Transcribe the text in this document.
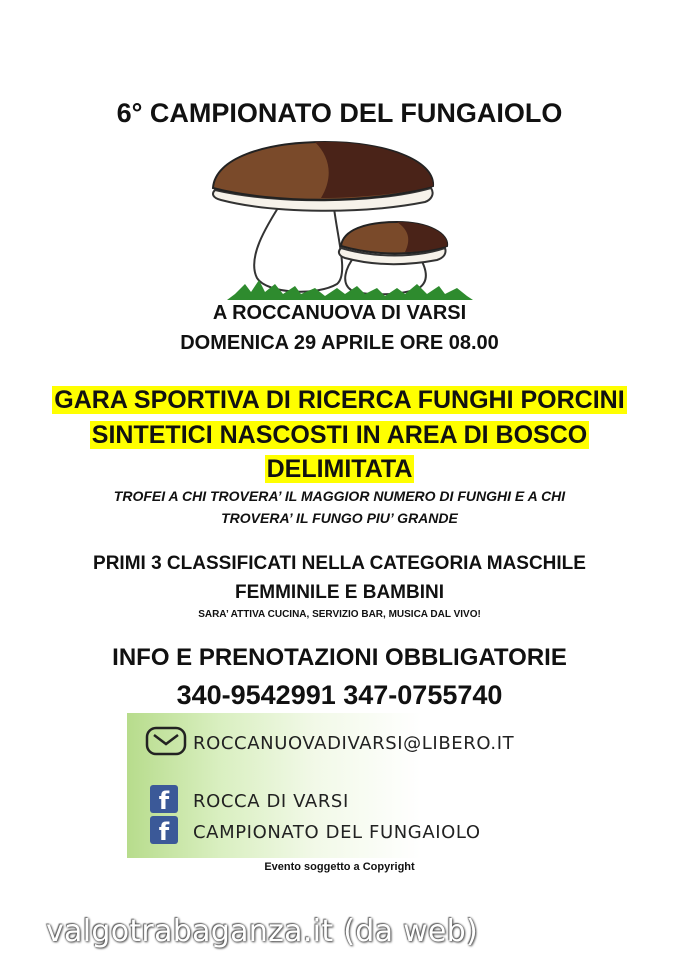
6° CAMPIONATO DEL FUNGAIOLO
A ROCCANUOVA DI VARSI
DOMENICA 29 APRILE ORE 08.00
GARA SPORTIVA DI RICERCA FUNGHI PORCINI
SINTETICI NASCOSTI IN AREA DI BOSCO
DELIMITATA
TROFEI A CHI TROVERA’ IL MAGGIOR NUMERO DI FUNGHI E A CHI
TROVERA’ IL FUNGO PIU’ GRANDE
PRIMI 3 CLASSIFICATI NELLA CATEGORIA MASCHILE
FEMMINILE E BAMBINI
SARA’ ATTIVA CUCINA, SERVIZIO BAR, MUSICA DAL VIVO!
INFO E PRENOTAZIONI OBBLIGATORIE
340-9542991 347-0755740
ROCCANUOVADIVARSI@LIBERO.IT
f	ROCCA DI VARSI
f	CAMPIONATO DEL FUNGAIOLO
Evento soggetto a Copyright
valgotrabaganza.it (da web)
